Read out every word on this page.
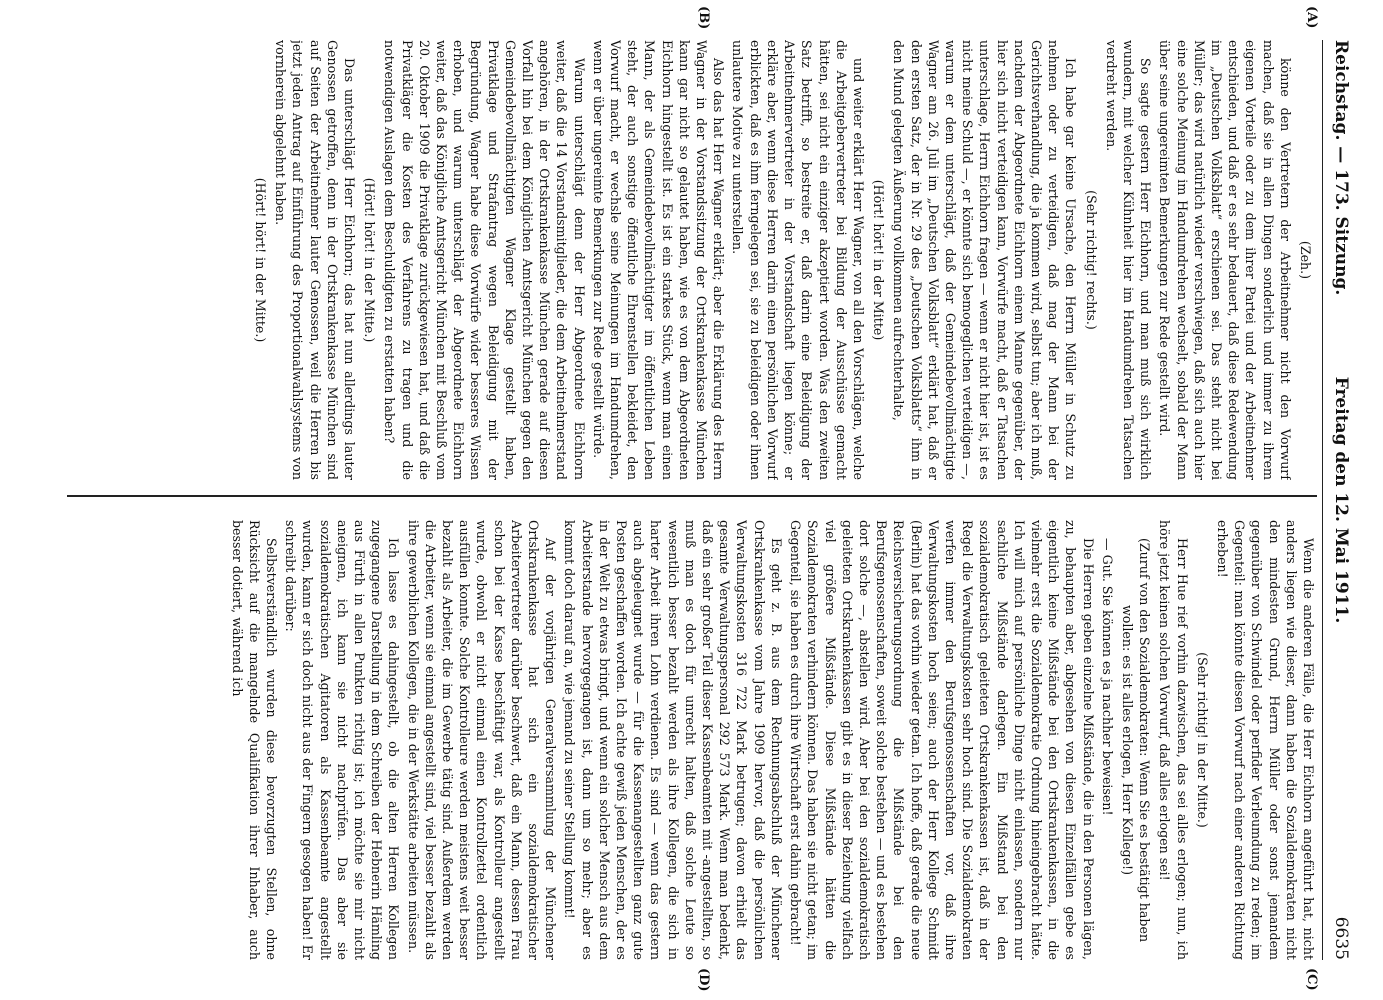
Reichstag. — 173. Sitzung.
Freitag den 12. Mai 1911.
6635
(A)
(B)
(C)
(D)

(Zeh.)

könne den Vertretern der Arbeitnehmer nicht den Vorwurf machen, daß sie in allen Dingen sonderlich und immer zu ihrem eigenen Vorteile oder zu dem ihrer Partei und der Arbeitnehmer entschieden, und daß er es sehr bedauert, daß diese Redewendung im „Deutschen Volksblatt“ erschienen sei. Das steht nicht bei Müller; das wird natürlich wieder verschwiegen, daß sich auch hier eine solche Meinung im Handumdrehen wechselt, sobald der Mann über seine ungereimten Bemerkungen zur Rede gestellt wird.

So sagte gestern Herr Eichhorn, und man muß sich wirklich wundern, mit welcher Kühnheit hier im Handumdrehen Tatsachen verdreht werden.

(Sehr richtig! rechts.)

Ich habe gar keine Ursache, den Herrn Müller in Schutz zu nehmen oder zu verteidigen, daß mag der Mann bei der Gerichtsverhandlung, die ja kommen wird, selbst tun; aber ich muß, nachdem der Abgeordnete Eichhorn einem Manne gegenüber, der hier sich nicht verteidigen kann, Vorwürfe macht, daß er Tatsachen unterschlage, Herrn Eichhorn fragen — wenn er nicht hier ist, ist es nicht meine Schuld —, er könnte sich bemogeglichen verteidigen —, warum er dem unterschlägt, daß der Gemeindebevollmächtigte Wagner am 26. Juli im „Deutschen Volksblatt“ erklärt hat, daß er den ersten Satz, der in Nr. 29 des „Deutschen Volksblatts“ ihm in den Mund gelegten Äußerung vollkommen aufrechterhalte,

(Hört! hört! in der Mitte)

und weiter erklärt Herr Wagner, von all den Vorschlägen, welche die Arbeitgebervertreter bei Bildung der Ausschüsse gemacht hätten, sei nicht ein einziger akzeptiert worden. Was den zweiten Satz betrifft, so bestreite er, daß darin eine Beleidigung der Arbeitnehmervertreter in der Vorstandschaft liegen könne; er erkläre aber, wenn diese Herren darin einen persönlichen Vorwurf erblickten, daß es ihm ferngelegen sei, sie zu beleidigen oder ihnen unlautere Motive zu unterstellen.

Also das hat Herr Wagner erklärt; aber die Erklärung des Herrn Wagner in der Vorstandssitzung der Ortskrankenkasse München kann gar nicht so gelautet haben, wie es von dem Abgeordneten Eichhorn hingestellt ist. Es ist ein starkes Stück, wenn man einen Mann, der als Gemeindebevollmächtigter im öffentlichen Leben steht, der auch sonstige öffentliche Ehrenstellen bekleidet, den Vorwurf macht, er wechsle seine Meinungen im Handumdrehen, wenn er über ungereimte Bemerkungen zur Rede gestellt würde.

Warum unterschlägt denn der Herr Abgeordnete Eichhorn weiter, daß die 14 Vorstandsmitglieder, die dem Arbeitnehmerstand angehören, in der Ortskrankenkasse München gerade auf diesen Vorfall hin bei dem Königlichen Amtsgericht München gegen den Gemeindebevollmächtigten Wagner Klage gestellt haben, Privatklage und Strafantrag wegen Beleidigung mit der Begründung, Wagner habe diese Vorwürfe wider besseres Wissen erhoben, und warum unterschlägt der Abgeordnete Eichhorn weiter, daß das Königliche Amtsgericht München mit Beschluß vom 20. Oktober 1909 die Privatklage zurückgewiesen hat, und daß die Privatkläger die Kosten des Verfahrens zu tragen und die notwendigen Auslagen dem Beschuldigten zu erstatten haben?

(Hört! hört! in der Mitte.)

Das unterschlägt Herr Eichhorn; das hat nun allerdings lauter Genossen getroffen, denn in der Ortskrankenkasse München sind auf Seiten der Arbeitnehmer lauter Genossen, weil die Herren bis jetzt jeden Antrag auf Einführung des Proportionalwahlsystems von vornherein abgelehnt haben.

(Hört! hört! in der Mitte.)

Wenn die anderen Fälle, die Herr Eichhorn angeführt hat, nicht anders liegen wie dieser, dann haben die Sozialdemokraten nicht den mindesten Grund, Herrn Müller oder sonst jemandem gegenüber von Schwindel oder perfider Verleumdung zu reden; im Gegenteil: man könnte diesen Vorwurf nach einer anderen Richtung erheben!

(Sehr richtig! in der Mitte.)

Herr Hue rief vorhin dazwischen, das sei alles erlogen; nun, ich höre jetzt keinen solchen Vorwurf, daß alles erlogen sei!

(Zuruf von den Sozialdemokraten: Wenn Sie es bestätigt haben wollen: es ist alles erlogen, Herr Kollege!)

— Gut. Sie können es ja nachher beweisen!

Die Herren geben einzelne Mißstände, die in den Personen lägen, zu, behaupten aber, abgesehen von diesen Einzelfällen gebe es eigentlich keine Mißstände bei den Ortskrankenkassen, in die vielmehr erst die Sozialdemokratie Ordnung hineingebracht hätte. Ich will mich auf persönliche Dinge nicht einlassen, sondern nur sachliche Mißstände darlegen. Ein Mißstand bei den sozialdemokratisch geleiteten Ortskrankenkassen ist, daß in der Regel die Verwaltungskosten sehr hoch sind. Die Sozialdemokraten werfen immer den Berufsgenossenschaften vor, daß ihre Verwaltungskosten hoch seien; auch der Herr Kollege Schmidt (Berlin) hat das vorhin wieder getan. Ich hoffe, daß gerade die neue Reichsversicherungsordnung die Mißstände bei den Berufsgenossenschaften, soweit solche bestehen — und es bestehen dort solche —, abstellen wird. Aber bei den sozialdemokratisch geleiteten Ortskrankenkassen gibt es in dieser Beziehung vielfach viel größere Mißstände. Diese Mißstände hätten die Sozialdemokraten verhindern können. Das haben sie nicht getan; im Gegenteil, sie haben es durch ihre Wirtschaft erst dahin gebracht!

Es geht z. B. aus dem Rechnungsabschluß der Münchener Ortskrankenkasse vom Jahre 1909 hervor, daß die persönlichen Verwaltungskosten 316 722 Mark betrugen; davon erhielt das gesamte Verwaltungspersonal 292 573 Mark. Wenn man bedenkt, daß ein sehr großer Teil dieser Kassenbeamten mit -angestellten, so muß man es doch für unrecht halten, daß solche Leute so wesentlich besser bezahlt werden als ihre Kollegen, die sich in harter Arbeit ihren Lohn verdienen. Es sind — wenn das gestern auch abgeleugnet wurde — für die Kassenangestellten ganz gute Posten geschaffen worden. Ich achte gewiß jeden Menschen, der es in der Welt zu etwas bringt, und wenn ein solcher Mensch aus dem Arbeiterstande hervorgegangen ist, dann um so mehr; aber es kommt doch darauf an, wie jemand zu seiner Stellung kommt!

Auf der vorjährigen Generalversammlung der Münchener Ortskrankenkasse hat sich ein sozialdemokratischer Arbeitervertreter darüber beschwert, daß ein Mann, dessen Frau schon bei der Kasse beschäftigt war, als Kontrolleur angestellt wurde, obwohl er nicht einmal einen Kontrollzettel ordentlich ausfüllen konnte. Solche Kontrolleure werden meistens weit besser bezahlt als Arbeiter, die im Gewerbe tätig sind. Außerdem werden die Arbeiter, wenn sie einmal angestellt sind, viel besser bezahlt als ihre gewerblichen Kollegen, die in der Werkstätte arbeiten müssen.

Ich lasse es dahingestellt, ob die alten Herren Kollegen zugegangene Darstellung in dem Schreiben der Hebnerin Hämling aus Fürth in allen Punkten richtig ist; ich möchte sie mir nicht aneignen, ich kann sie nicht nachprüfen. Das aber sie sozialdemokratischen Agitatoren als Kassenbeamte angestellt wurden, kann er sich doch nicht aus der Fingern gesogen haben! Er schreibt darüber:

Selbstverständlich wurden diese bevorzugten Stellen, ohne Rücksicht auf die mangelnde Qualifikation ihrer Inhaber, auch besser dotiert, während ich
